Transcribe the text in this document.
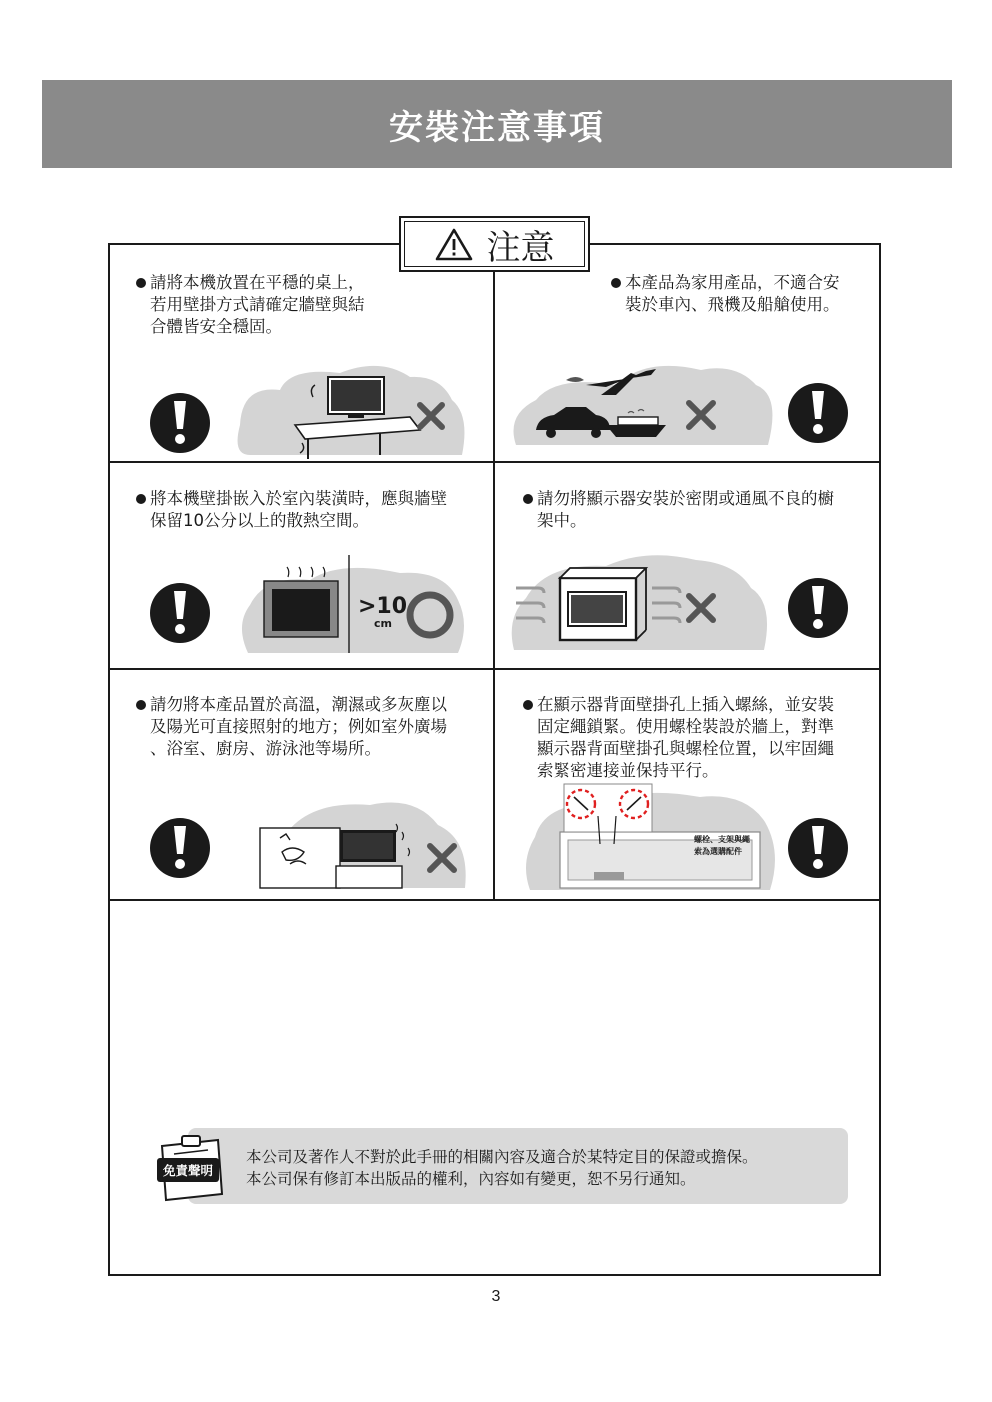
安裝注意事項
注意
請將本機放置在平穩的桌上，
若用壁掛方式請確定牆壁與結
合體皆安全穩固。
本產品為家用產品，不適合安
裝於車內、飛機及船艙使用。
將本機壁掛嵌入於室內裝潢時，應與牆壁
保留10公分以上的散熱空間。
>10
cm
請勿將顯示器安裝於密閉或通風不良的櫥
架中。
請勿將本產品置於高溫，潮濕或多灰塵以
及陽光可直接照射的地方；例如室外廣場
、浴室、廚房、游泳池等場所。
在顯示器背面壁掛孔上插入螺絲，並安裝
固定繩鎖緊。使用螺栓裝設於牆上，對準
顯示器背面壁掛孔與螺栓位置，以牢固繩
索緊密連接並保持平行。
螺栓、支架與繩
索為選購配件
免責聲明
本公司及著作人不對於此手冊的相關內容及適合於某特定目的保證或擔保。
本公司保有修訂本出版品的權利，內容如有變更，恕不另行通知。
3
